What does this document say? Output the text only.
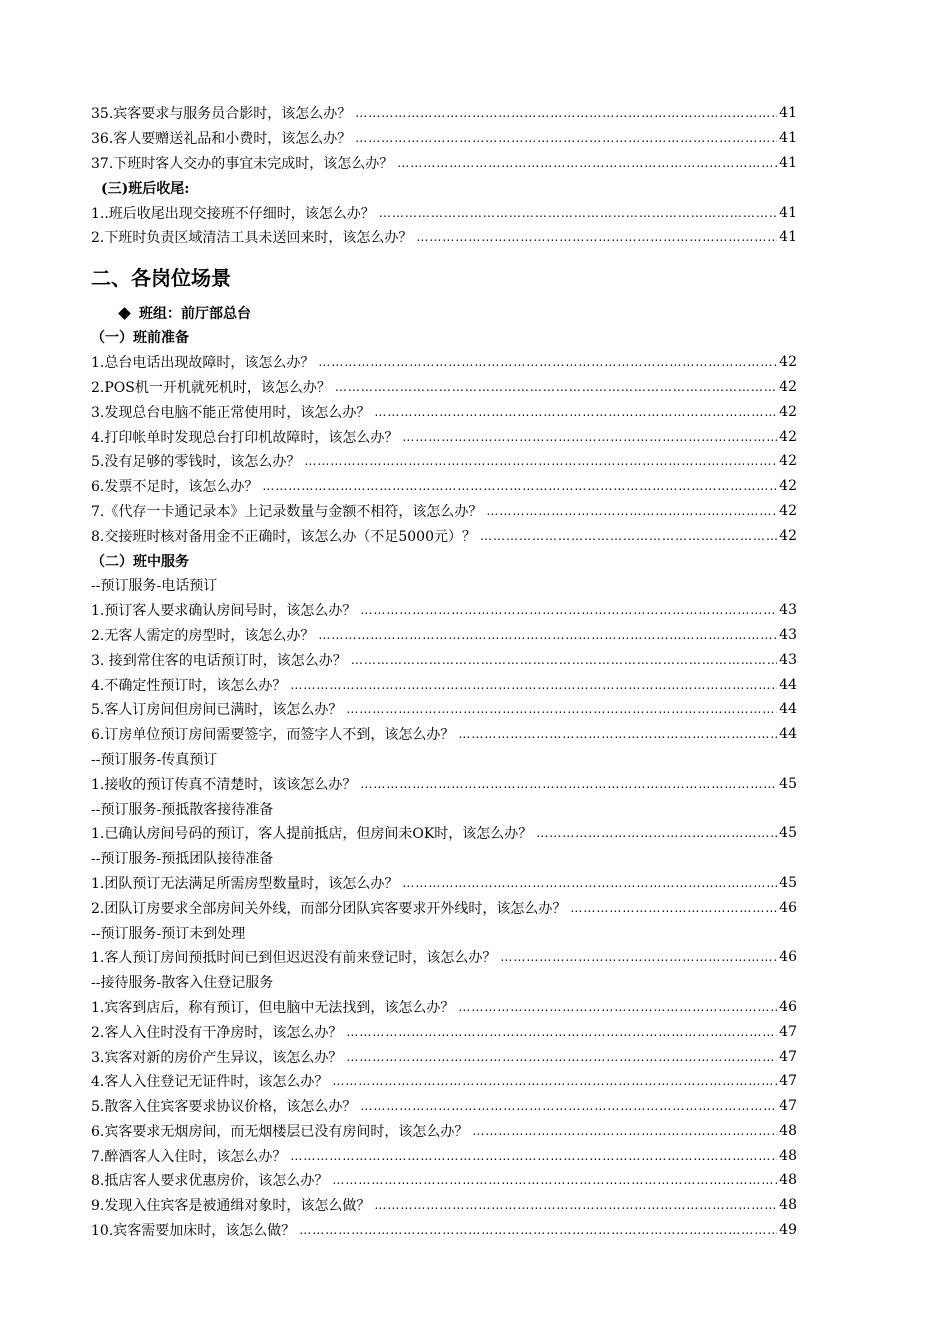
35.宾客要求与服务员合影时，该怎么办？ …………………………………………………………………………………………………………………………………………………………………………………………………………	41
36.客人要赠送礼品和小费时，该怎么办？ …………………………………………………………………………………………………………………………………………………………………………………………………………	41
37.下班时客人交办的事宜未完成时，该怎么办？ …………………………………………………………………………………………………………………………………………………………………………………………………………	41
(三)班后收尾:
1..班后收尾出现交接班不仔细时，该怎么办？ …………………………………………………………………………………………………………………………………………………………………………………………………………	41
2.下班时负责区域清洁工具未送回来时，该怎么办？ …………………………………………………………………………………………………………………………………………………………………………………………………………	41
二、各岗位场景
班组：前厅部总台
（一）班前准备
1.总台电话出现故障时，该怎么办？ …………………………………………………………………………………………………………………………………………………………………………………………………………	42
2.POS机一开机就死机时，该怎么办？ …………………………………………………………………………………………………………………………………………………………………………………………………………	42
3.发现总台电脑不能正常使用时，该怎么办？ …………………………………………………………………………………………………………………………………………………………………………………………………………	42
4.打印帐单时发现总台打印机故障时，该怎么办？ …………………………………………………………………………………………………………………………………………………………………………………………………………	42
5.没有足够的零钱时，该怎么办？ …………………………………………………………………………………………………………………………………………………………………………………………………………	42
6.发票不足时，该怎么办？ …………………………………………………………………………………………………………………………………………………………………………………………………………	42
7.《代存一卡通记录本》上记录数量与金额不相符，该怎么办？ …………………………………………………………………………………………………………………………………………………………………………………………………………	42
8.交接班时核对备用金不正确时，该怎么办（不足5000元）？ …………………………………………………………………………………………………………………………………………………………………………………………………………	42
（二）班中服务
--预订服务-电话预订
1.预订客人要求确认房间号时，该怎么办？ …………………………………………………………………………………………………………………………………………………………………………………………………………	43
2.无客人需定的房型时，该怎么办？ …………………………………………………………………………………………………………………………………………………………………………………………………………	43
3. 接到常住客的电话预订时，该怎么办？ …………………………………………………………………………………………………………………………………………………………………………………………………………	43
4.不确定性预订时，该怎么办？ …………………………………………………………………………………………………………………………………………………………………………………………………………	44
5.客人订房间但房间已满时，该怎么办？ …………………………………………………………………………………………………………………………………………………………………………………………………………	44
6.订房单位预订房间需要签字，而签字人不到，该怎么办？ …………………………………………………………………………………………………………………………………………………………………………………………………………	44
--预订服务-传真预订
1.接收的预订传真不清楚时，该该怎么办？ …………………………………………………………………………………………………………………………………………………………………………………………………………	45
--预订服务-预抵散客接待准备
1.已确认房间号码的预订，客人提前抵店，但房间未OK时，该怎么办？ …………………………………………………………………………………………………………………………………………………………………………………………………………	45
--预订服务-预抵团队接待准备
1.团队预订无法满足所需房型数量时，该怎么办？ …………………………………………………………………………………………………………………………………………………………………………………………………………	45
2.团队订房要求全部房间关外线，而部分团队宾客要求开外线时，该怎么办？ …………………………………………………………………………………………………………………………………………………………………………………………………………	46
--预订服务-预订未到处理
1.客人预订房间预抵时间已到但迟迟没有前来登记时，该怎么办？ …………………………………………………………………………………………………………………………………………………………………………………………………………	46
--接待服务-散客入住登记服务
1.宾客到店后，称有预订，但电脑中无法找到，该怎么办？ …………………………………………………………………………………………………………………………………………………………………………………………………………	46
2.客人入住时没有干净房时，该怎么办？ …………………………………………………………………………………………………………………………………………………………………………………………………………	47
3.宾客对新的房价产生异议，该怎么办？ …………………………………………………………………………………………………………………………………………………………………………………………………………	47
4.客人入住登记无证件时，该怎么办？ …………………………………………………………………………………………………………………………………………………………………………………………………………	47
5.散客入住宾客要求协议价格，该怎么办？ …………………………………………………………………………………………………………………………………………………………………………………………………………	47
6.宾客要求无烟房间，而无烟楼层已没有房间时，该怎么办？ …………………………………………………………………………………………………………………………………………………………………………………………………………	48
7.醉酒客人入住时，该怎么办？ …………………………………………………………………………………………………………………………………………………………………………………………………………	48
8.抵店客人要求优惠房价，该怎么办？ …………………………………………………………………………………………………………………………………………………………………………………………………………	48
9.发现入住宾客是被通缉对象时，该怎么做？ …………………………………………………………………………………………………………………………………………………………………………………………………………	48
10.宾客需要加床时，该怎么做？ …………………………………………………………………………………………………………………………………………………………………………………………………………	49
